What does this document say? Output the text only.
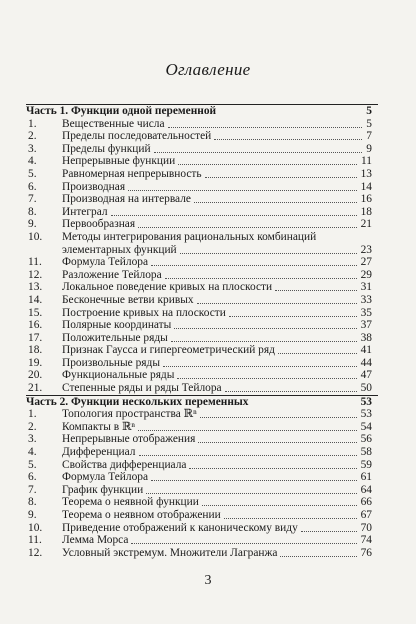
Оглавление
Часть 1. Функции одной переменной	5
1.	Вещественные числа	5
2.	Пределы последовательностей	7
3.	Пределы функций	9
4.	Непрерывные функции	11
5.	Равномерная непрерывность	13
6.	Производная	14
7.	Производная на интервале	16
8.	Интеграл	18
9.	Первообразная	21
10.	Методы интегрирования рациональных комбинаций элементарных функций	23
11.	Формула Тейлора	27
12.	Разложение Тейлора	29
13.	Локальное поведение кривых на плоскости	31
14.	Бесконечные ветви кривых	33
15.	Построение кривых на плоскости	35
16.	Полярные координаты	37
17.	Положительные ряды	38
18.	Признак Гаусса и гипергеометрический ряд	41
19.	Произвольные ряды	44
20.	Функциональные ряды	47
21.	Степенные ряды и ряды Тейлора	50
Часть 2. Функции нескольких переменных	53
1.	Топология пространства ℝⁿ	53
2.	Компакты в ℝⁿ	54
3.	Непрерывные отображения	56
4.	Дифференциал	58
5.	Свойства дифференциала	59
6.	Формула Тейлора	61
7.	График функции	64
8.	Теорема о неявной функции	66
9.	Теорема о неявном отображении	67
10.	Приведение отображений к каноническому виду	70
11.	Лемма Морса	74
12.	Условный экстремум. Множители Лагранжа	76
3
